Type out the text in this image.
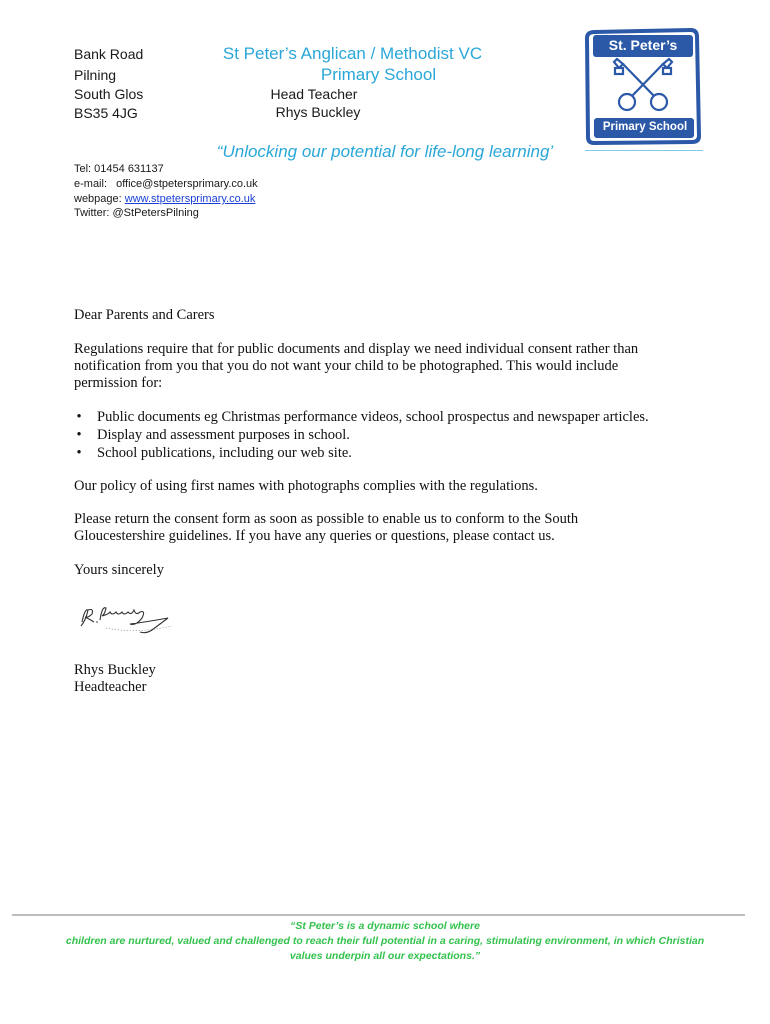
Bank Road
Pilning
South Glos
BS35 4JG
St Peter’s Anglican / Methodist VC
Primary School
Head Teacher
Rhys Buckley
“Unlocking our potential for life-long learning’
St. Peter’s
Primary School
Tel: 01454 631137
e-mail: office@stpetersprimary.co.uk
webpage: www.stpetersprimary.co.uk
Twitter: @StPetersPilning
Dear Parents and Carers
Regulations require that for public documents and display we need individual consent rather than
notification from you that you do not want your child to be photographed. This would include
permission for:
• Public documents eg Christmas performance videos, school prospectus and newspaper articles.
• Display and assessment purposes in school.
• School publications, including our web site.
Our policy of using first names with photographs complies with the regulations.
Please return the consent form as soon as possible to enable us to conform to the South
Gloucestershire guidelines. If you have any queries or questions, please contact us.
Yours sincerely
Rhys Buckley
Headteacher
“St Peter’s is a dynamic school where
children are nurtured, valued and challenged to reach their full potential in a caring, stimulating environment, in which Christian
values underpin all our expectations.”
